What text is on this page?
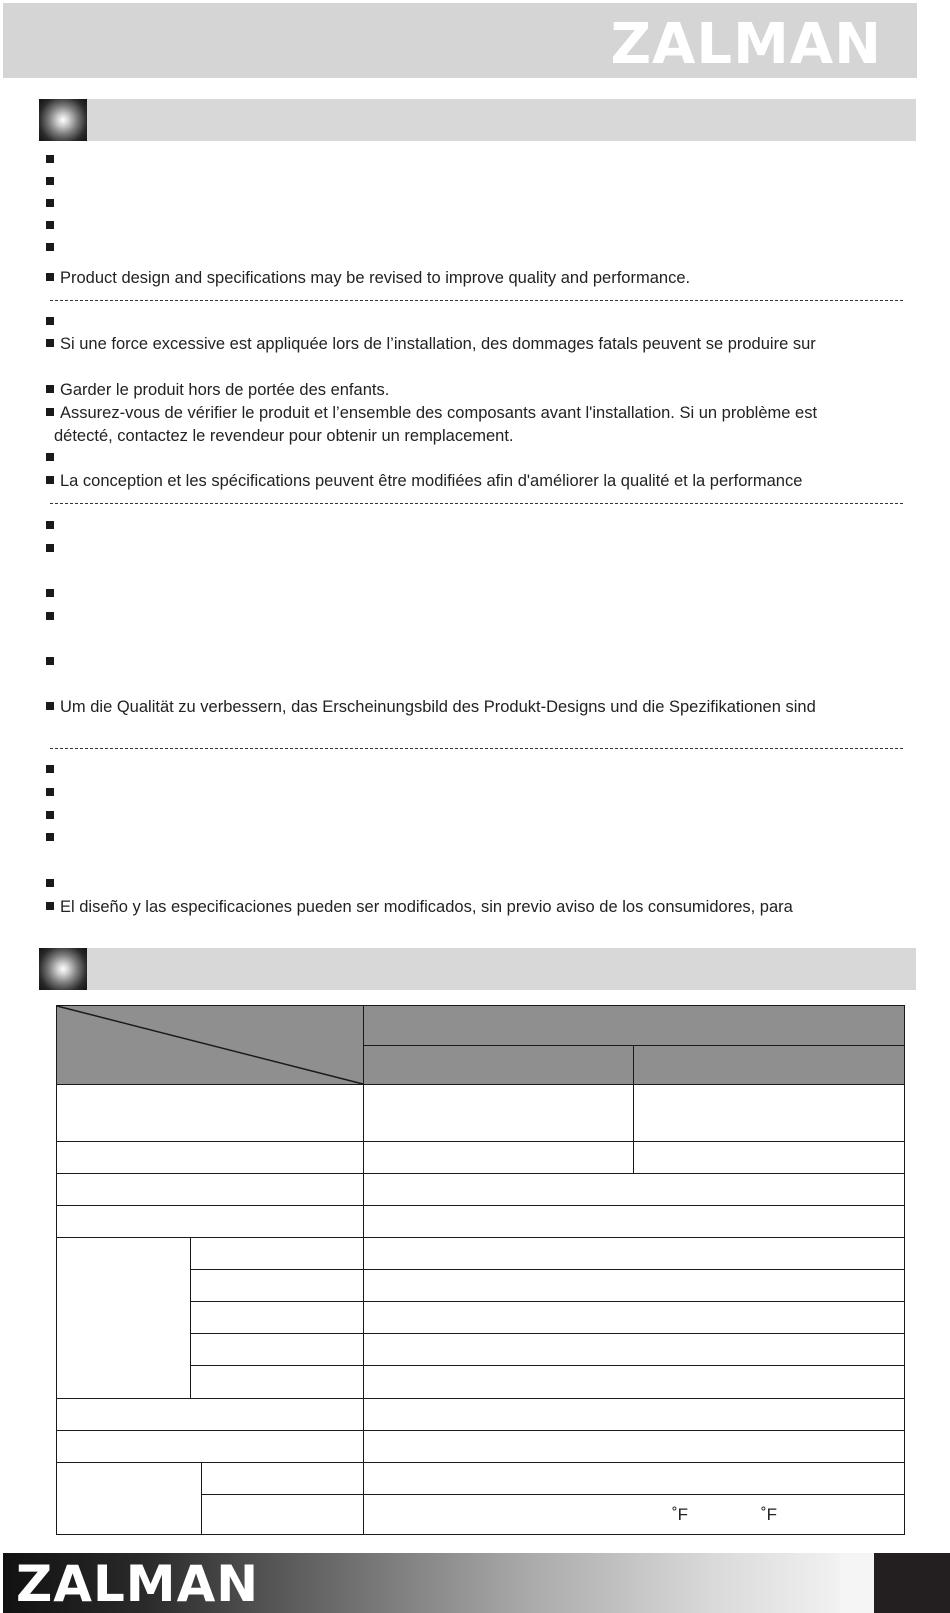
ZALMAN
Product design and specifications may be revised to improve quality and performance.
Si une force excessive est appliquée lors de l’installation, des dommages fatals peuvent se produire sur
Garder le produit hors de portée des enfants.
Assurez-vous de vérifier le produit et l’ensemble des composants avant l'installation. Si un problème est
détecté, contactez le revendeur pour obtenir un remplacement.
La conception et les spécifications peuvent être modifiées afin d'améliorer la qualité et la performance
Um die Qualität zu verbessern, das Erscheinungsbild des Produkt-Designs und die Spezifikationen sind
El diseño y las especificaciones pueden ser modificados, sin previo aviso de los consumidores, para
˚F	˚F
ZALMAN
